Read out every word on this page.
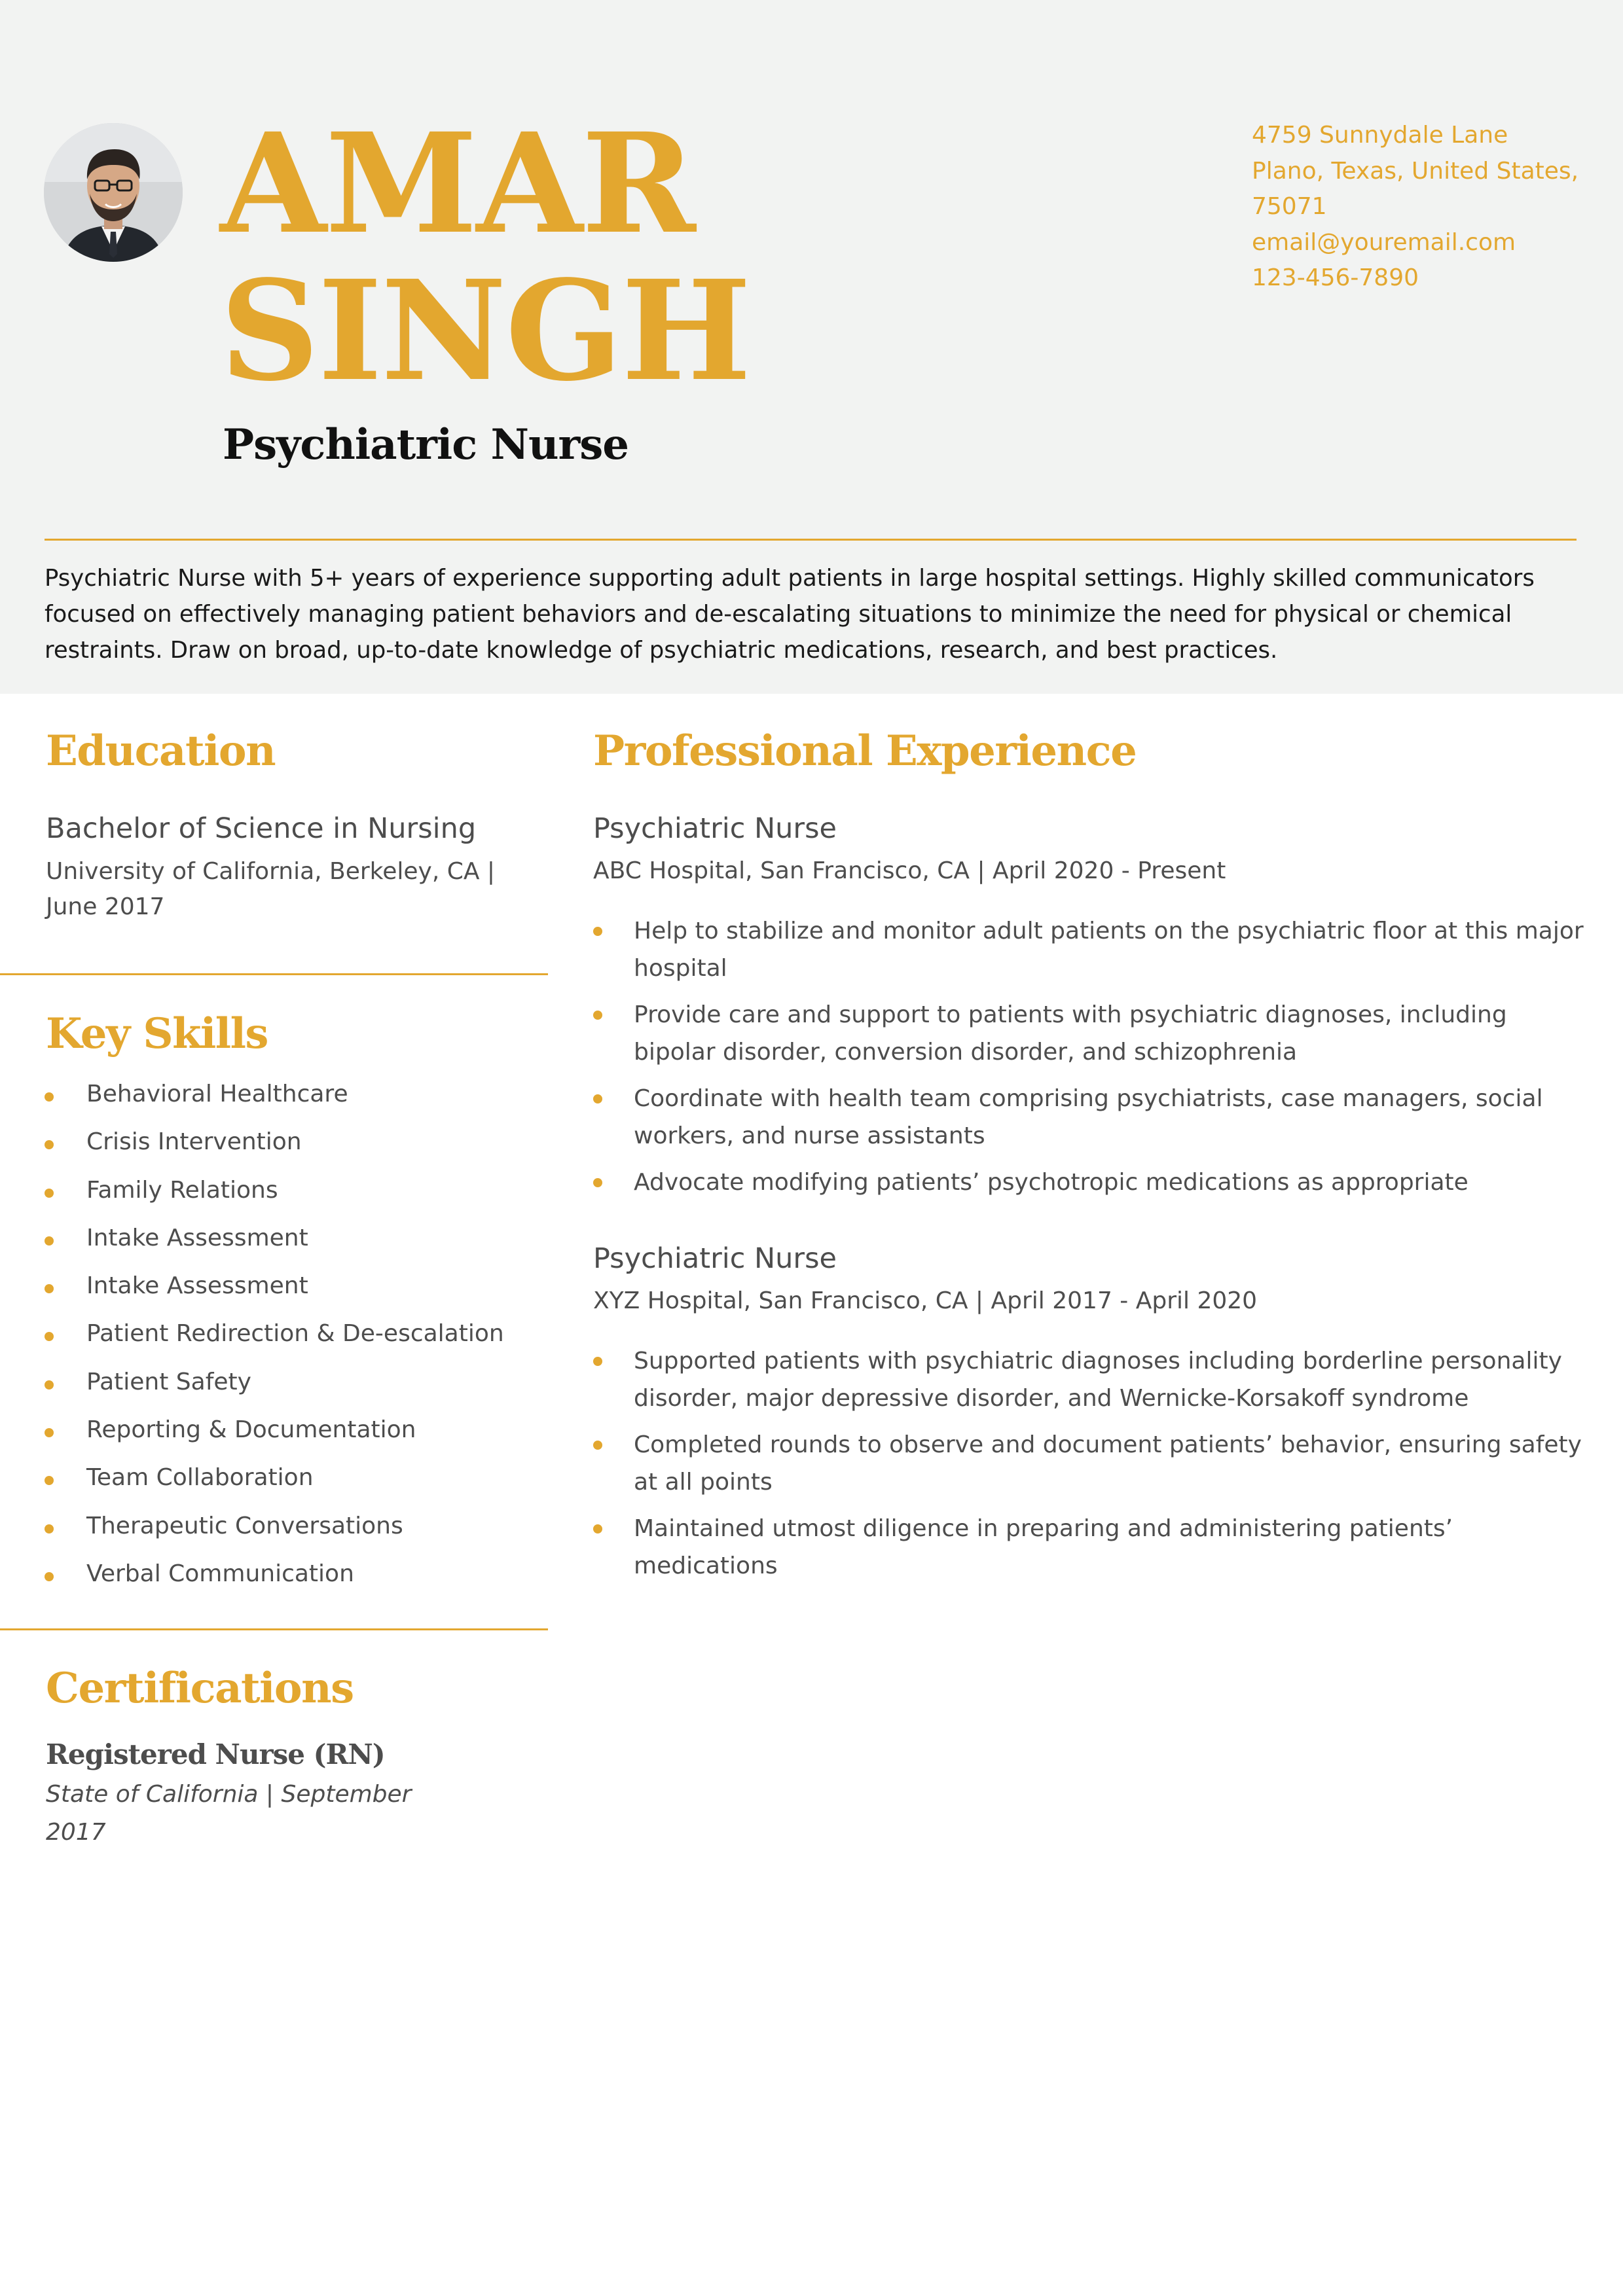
AMAR
SINGH
Psychiatric Nurse
4759 Sunnydale Lane
Plano, Texas, United States,
75071
email@youremail.com
123-456-7890

Psychiatric Nurse with 5+ years of experience supporting adult patients in large hospital settings. Highly skilled communicators focused on effectively managing patient behaviors and de-escalating situations to minimize the need for physical or chemical restraints. Draw on broad, up-to-date knowledge of psychiatric medications, research, and best practices.

Education
Bachelor of Science in Nursing
University of California, Berkeley, CA | June 2017
Key Skills
Behavioral Healthcare
Crisis Intervention
Family Relations
Intake Assessment
Intake Assessment
Patient Redirection & De-escalation
Patient Safety
Reporting & Documentation
Team Collaboration
Therapeutic Conversations
Verbal Communication
Certifications

Registered Nurse (RN) State of California | September 2017

Professional Experience
Psychiatric Nurse
ABC Hospital, San Francisco, CA | April 2020 - Present
Help to stabilize and monitor adult patients on the psychiatric floor at this major hospital
Provide care and support to patients with psychiatric diagnoses, including bipolar disorder, conversion disorder, and schizophrenia
Coordinate with health team comprising psychiatrists, case managers, social workers, and nurse assistants
Advocate modifying patients’ psychotropic medications as appropriate
Psychiatric Nurse
XYZ Hospital, San Francisco, CA | April 2017 - April 2020
Supported patients with psychiatric diagnoses including borderline personality disorder, major depressive disorder, and Wernicke-Korsakoff syndrome
Completed rounds to observe and document patients’ behavior, ensuring safety at all points
Maintained utmost diligence in preparing and administering patients’ medications
